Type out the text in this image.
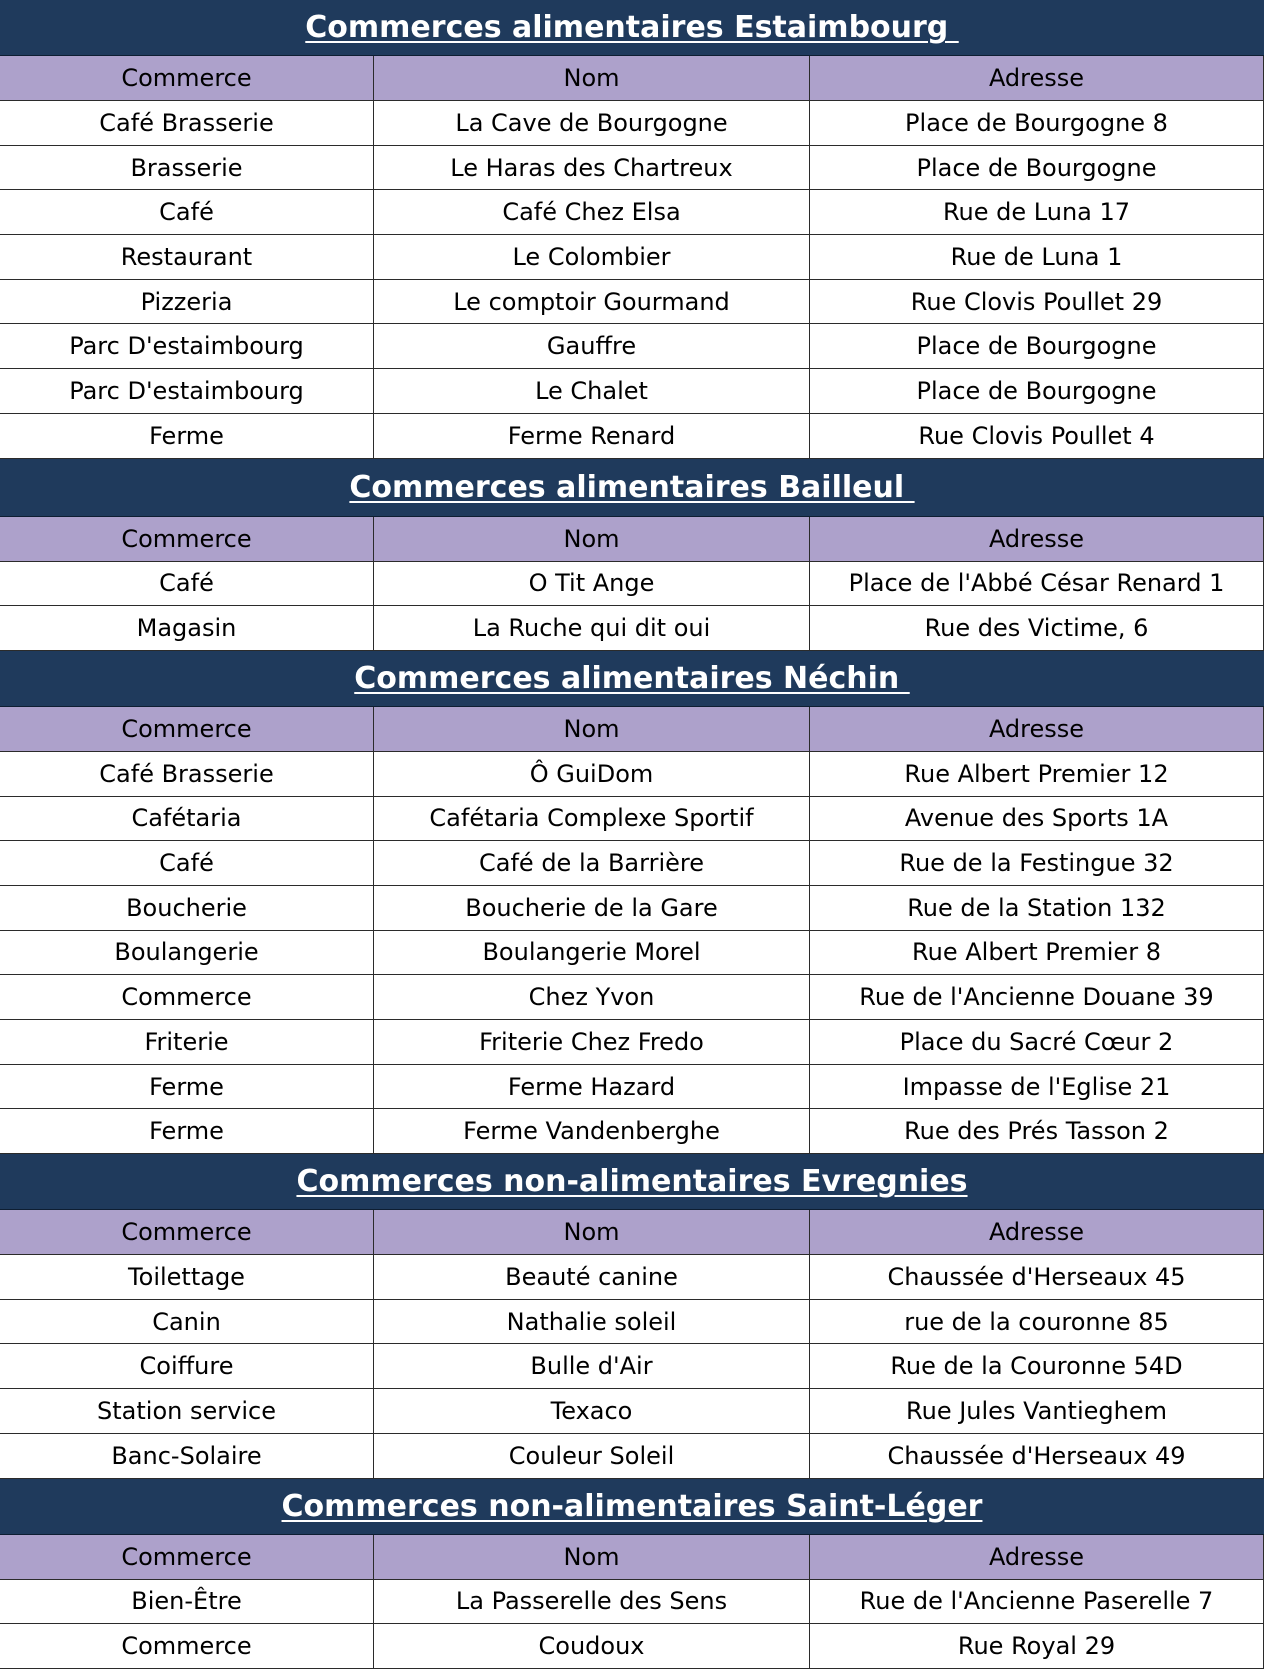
Commerces alimentaires Estaimbourg
Commerce	Nom	Adresse
Café Brasserie	La Cave de Bourgogne	Place de Bourgogne 8
Brasserie	Le Haras des Chartreux	Place de Bourgogne
Café	Café Chez Elsa	Rue de Luna 17
Restaurant	Le Colombier	Rue de Luna 1
Pizzeria	Le comptoir Gourmand	Rue Clovis Poullet 29
Parc D'estaimbourg	Gauffre	Place de Bourgogne
Parc D'estaimbourg	Le Chalet	Place de Bourgogne
Ferme	Ferme Renard	Rue Clovis Poullet 4
Commerces alimentaires Bailleul
Commerce	Nom	Adresse
Café	O Tit Ange	Place de l'Abbé César Renard 1
Magasin	La Ruche qui dit oui	Rue des Victime, 6
Commerces alimentaires Néchin
Commerce	Nom	Adresse
Café Brasserie	Ô GuiDom	Rue Albert Premier 12
Cafétaria	Cafétaria Complexe Sportif	Avenue des Sports 1A
Café	Café de la Barrière	Rue de la Festingue 32
Boucherie	Boucherie de la Gare	Rue de la Station 132
Boulangerie	Boulangerie Morel	Rue Albert Premier 8
Commerce	Chez Yvon	Rue de l'Ancienne Douane 39
Friterie	Friterie Chez Fredo	Place du Sacré Cœur 2
Ferme	Ferme Hazard	Impasse de l'Eglise 21
Ferme	Ferme Vandenberghe	Rue des Prés Tasson 2
Commerces non-alimentaires Evregnies
Commerce	Nom	Adresse
Toilettage	Beauté canine	Chaussée d'Herseaux 45
Canin	Nathalie soleil	rue de la couronne 85
Coiffure	Bulle d'Air	Rue de la Couronne 54D
Station service	Texaco	Rue Jules Vantieghem
Banc-Solaire	Couleur Soleil	Chaussée d'Herseaux 49
Commerces non-alimentaires Saint-Léger
Commerce	Nom	Adresse
Bien-Être	La Passerelle des Sens	Rue de l'Ancienne Paserelle 7
Commerce	Coudoux	Rue Royal 29
